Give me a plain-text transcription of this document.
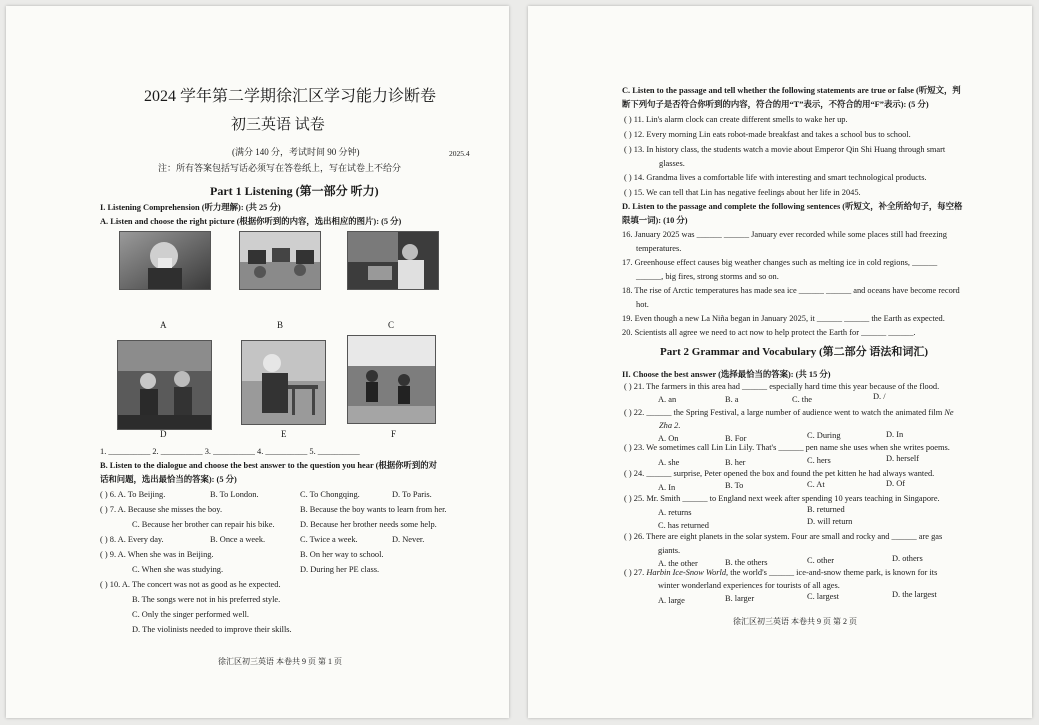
2024 学年第二学期徐汇区学习能力诊断卷
初三英语 试卷
(满分 140 分，考试时间 90 分钟)	2025.4
注：所有答案包括写话必须写在答卷纸上，写在试卷上不给分
Part 1 Listening (第一部分 听力)
I. Listening Comprehension (听力理解): (共 25 分)
A. Listen and choose the right picture (根据你听到的内容，选出相应的图片): (5 分)
A	B	C
D	E	F
1. __________ 2. __________ 3. __________ 4. __________ 5. __________
B. Listen to the dialogue and choose the best answer to the question you hear (根据你听到的对
话和问题，选出最恰当的答案): (5 分)
( ) 6. A. To Beijing.	B. To London.	C. To Chongqing.	D. To Paris.
( ) 7. A. Because she misses the boy.	B. Because the boy wants to learn from her.
C. Because her brother can repair his bike.	D. Because her brother needs some help.
( ) 8. A. Every day.	B. Once a week.	C. Twice a week.	D. Never.
( ) 9. A. When she was in Beijing.	B. On her way to school.
C. When she was studying.	D. During her PE class.
( ) 10. A. The concert was not as good as he expected.
B. The songs were not in his preferred style.
C. Only the singer performed well.
D. The violinists needed to improve their skills.
徐汇区初三英语 本卷共 9 页 第 1 页
C. Listen to the passage and tell whether the following statements are true or false (听短文，判
断下列句子是否符合你听到的内容，符合的用“T”表示，不符合的用“F”表示): (5 分)
( ) 11. Lin's alarm clock can create different smells to wake her up.
( ) 12. Every morning Lin eats robot-made breakfast and takes a school bus to school.
( ) 13. In history class, the students watch a movie about Emperor Qin Shi Huang through smart
glasses.
( ) 14. Grandma lives a comfortable life with interesting and smart technological products.
( ) 15. We can tell that Lin has negative feelings about her life in 2045.
D. Listen to the passage and complete the following sentences (听短文，补全所给句子，每空格
限填一词): (10 分)
16. January 2025 was ______ ______ January ever recorded while some places still had freezing
temperatures.
17. Greenhouse effect causes big weather changes such as melting ice in cold regions, ______
______, big fires, strong storms and so on.
18. The rise of Arctic temperatures has made sea ice ______ ______ and oceans have become record
hot.
19. Even though a new La Niña began in January 2025, it ______ ______ the Earth as expected.
20. Scientists all agree we need to act now to help protect the Earth for ______ ______.
Part 2 Grammar and Vocabulary (第二部分 语法和词汇)
II. Choose the best answer (选择最恰当的答案): (共 15 分)
( ) 21. The farmers in this area had ______ especially hard time this year because of the flood.
A. an	B. a	C. the	D. /
( ) 22. ______ the Spring Festival, a large number of audience went to watch the animated film Ne
Zha 2.
A. On	B. For	C. During	D. In
( ) 23. We sometimes call Lin Lin Lily. That's ______ pen name she uses when she writes poems.
A. she	B. her	C. hers	D. herself
( ) 24. ______ surprise, Peter opened the box and found the pet kitten he had always wanted.
A. In	B. To	C. At	D. Of
( ) 25. Mr. Smith ______ to England next week after spending 10 years teaching in Singapore.
A. returns	B. returned
C. has returned	D. will return
( ) 26. There are eight planets in the solar system. Four are small and rocky and ______ are gas
giants.
A. the other	B. the others	C. other	D. others
( ) 27. Harbin Ice-Snow World, the world's ______ ice-and-snow theme park, is known for its
winter wonderland experiences for tourists of all ages.
A. large	B. larger	C. largest	D. the largest
徐汇区初三英语 本卷共 9 页 第 2 页
